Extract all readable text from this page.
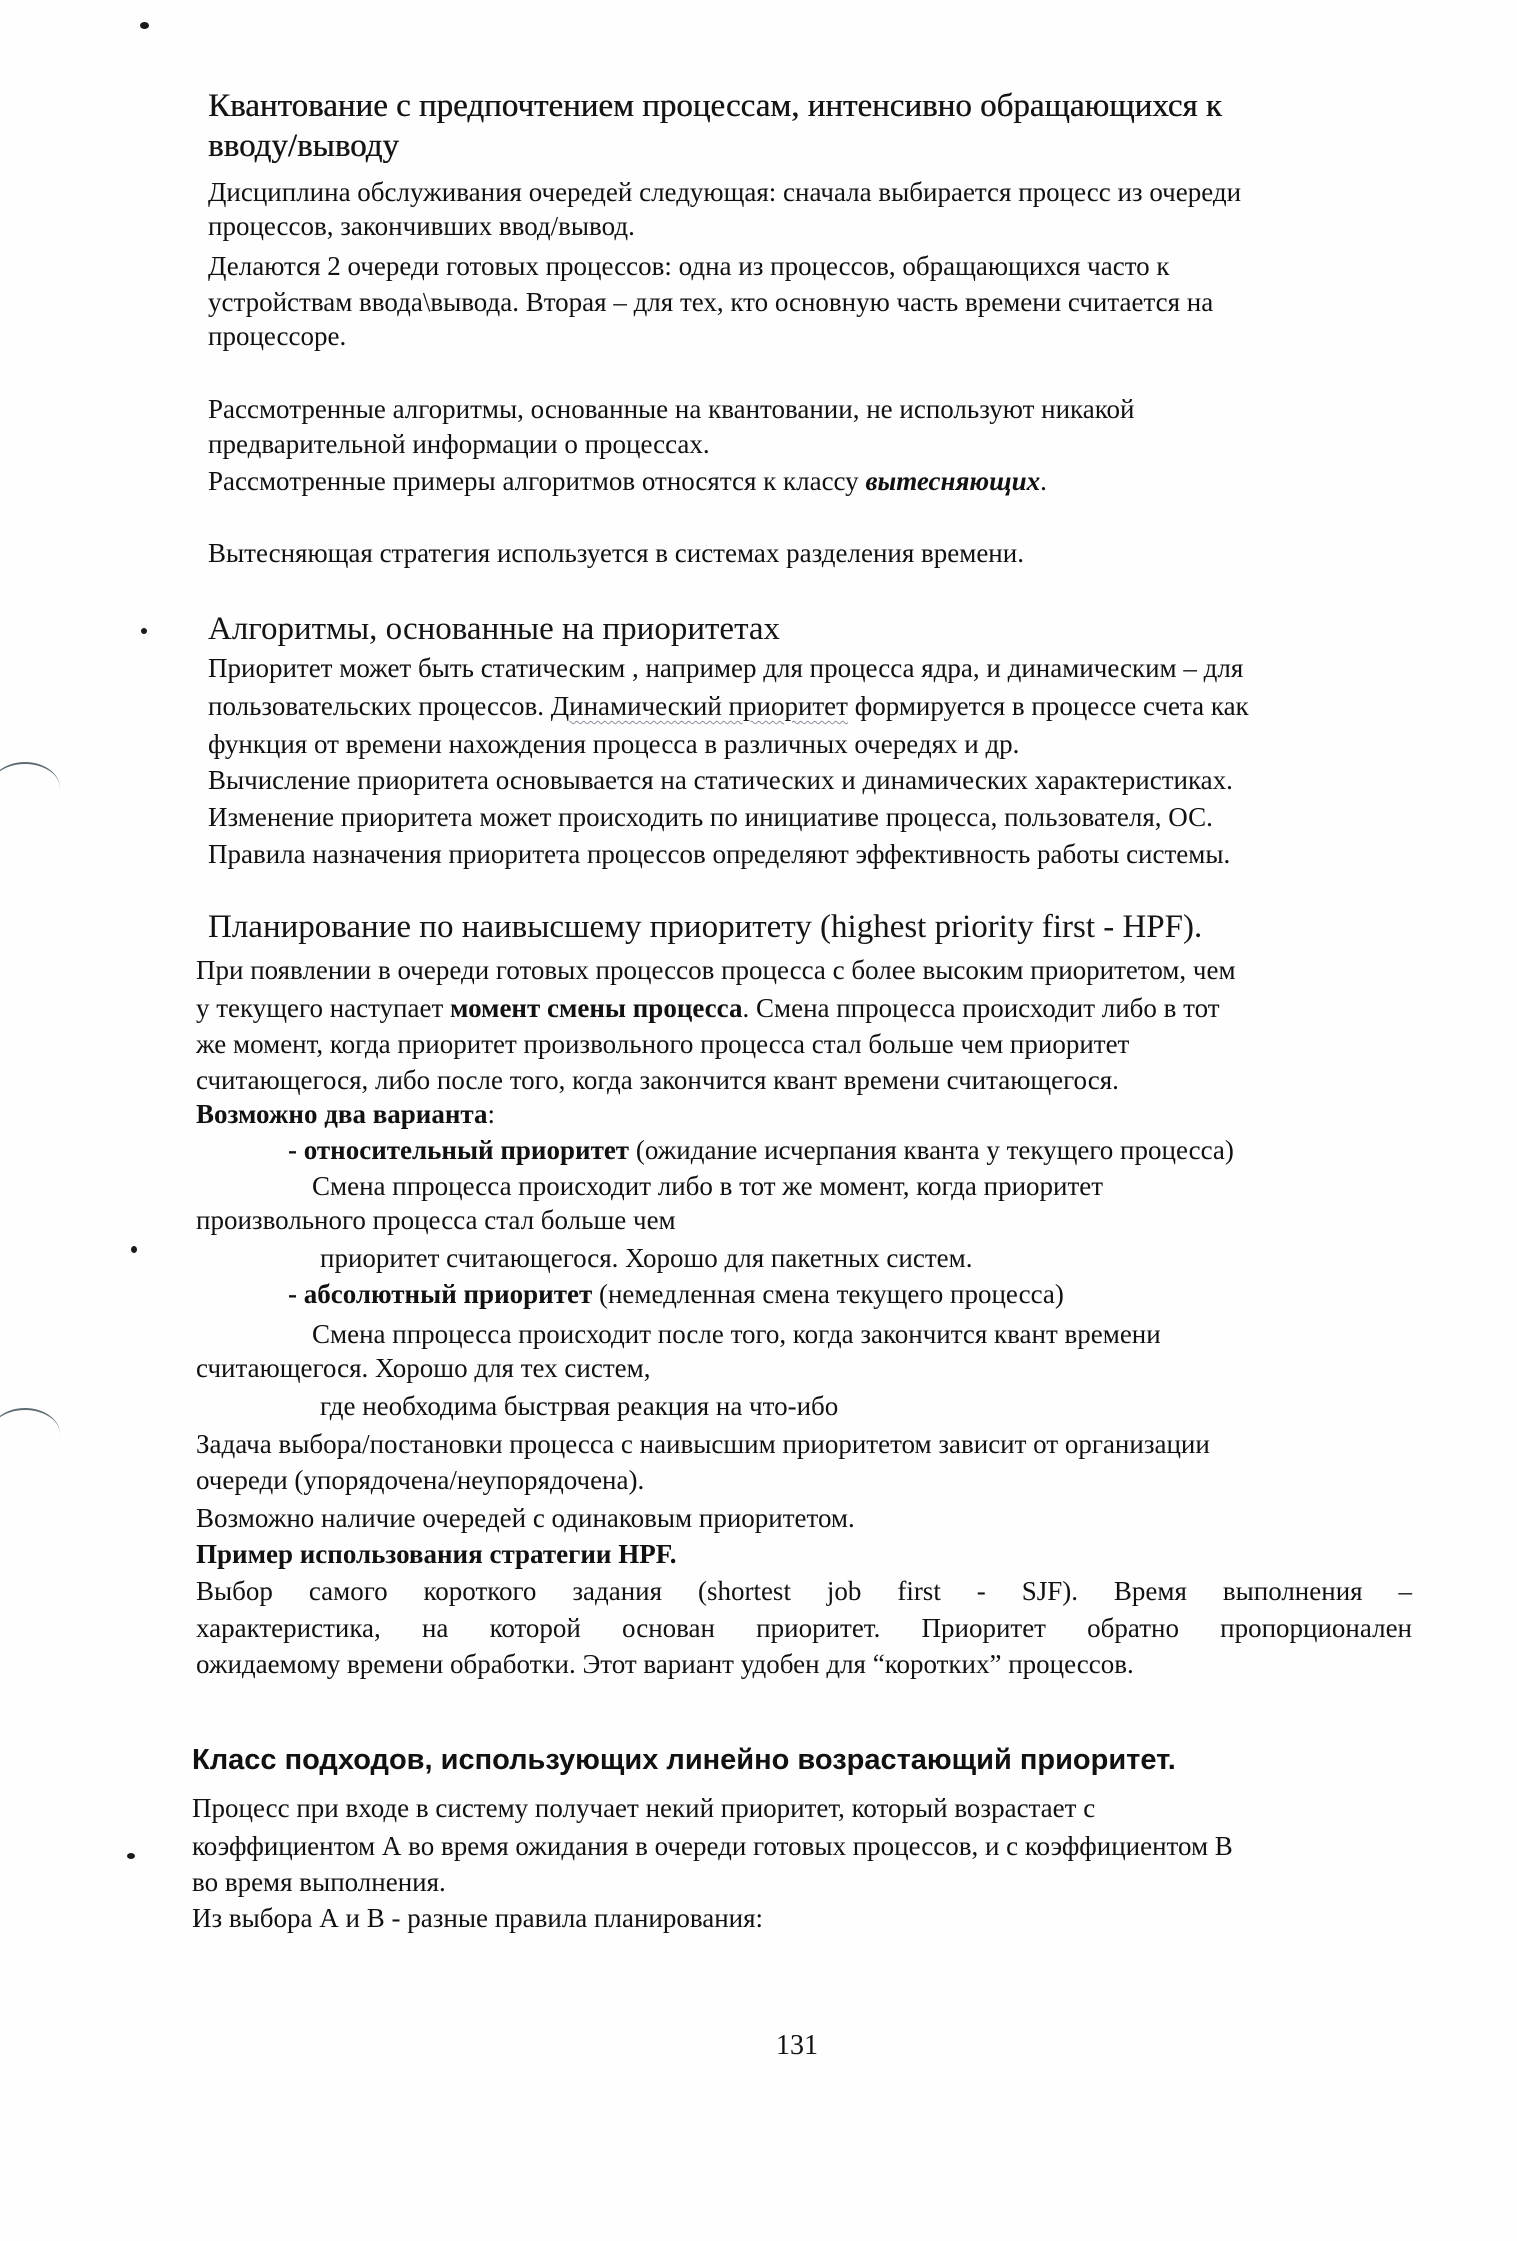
Квантование с предпочтением процессам, интенсивно обращающихся к
вводу/выводу
Дисциплина обслуживания очередей следующая: сначала выбирается процесс из очереди
процессов, закончивших ввод/вывод.
Делаются 2 очереди готовых процессов: одна из процессов, обращающихся часто к
устройствам ввода\вывода. Вторая – для тех, кто основную часть времени считается на
процессоре.
Рассмотренные алгоритмы, основанные на квантовании, не используют никакой
предварительной информации о процессах.
Рассмотренные примеры алгоритмов относятся к классу вытесняющих.
Вытесняющая стратегия используется в системах разделения времени.
Алгоритмы, основанные на приоритетах
Приоритет может быть статическим , например для процесса ядра, и динамическим – для
пользовательских процессов. Динамический приоритет формируется в процессе счета как
функция от времени нахождения процесса в различных очередях и др.
Вычисление приоритета основывается на статических и динамических характеристиках.
Изменение приоритета может происходить по инициативе процесса, пользователя, ОС.
Правила назначения приоритета процессов определяют эффективность работы системы.
Планирование по наивысшему приоритету (highest priority first - HPF).
При появлении в очереди готовых процессов процесса с более высоким приоритетом, чем
у текущего наступает момент смены процесса. Смена ппроцесса происходит либо в тот
же момент, когда приоритет произвольного процесса стал больше чем приоритет
считающегося, либо после того, когда закончится квант времени считающегося.
Возможно два варианта:
- относительный приоритет (ожидание исчерпания кванта у текущего процесса)
Смена ппроцесса происходит либо в тот же момент, когда приоритет
произвольного процесса стал больше чем
приоритет считающегося. Хорошо для пакетных систем.
- абсолютный приоритет (немедленная смена текущего процесса)
Смена ппроцесса происходит после того, когда закончится квант времени
считающегося. Хорошо для тех систем,
где необходима быстрвая реакция на что-ибо
Задача выбора/постановки процесса с наивысшим приоритетом зависит от организации
очереди (упорядочена/неупорядочена).
Возможно наличие очередей с одинаковым приоритетом.
Пример использования стратегии HPF.
Выбор самого короткого задания (shortest job first - SJF). Время выполнения –
характеристика, на которой основан приоритет. Приоритет обратно пропорционален
ожидаемому времени обработки. Этот вариант удобен для “коротких” процессов.
Класс подходов, использующих линейно возрастающий приоритет.
Процесс при входе в систему получает некий приоритет, который возрастает с
коэффициентом А во время ожидания в очереди готовых процессов, и с коэффициентом В
во время выполнения.
Из выбора А и В - разные правила планирования:
131
